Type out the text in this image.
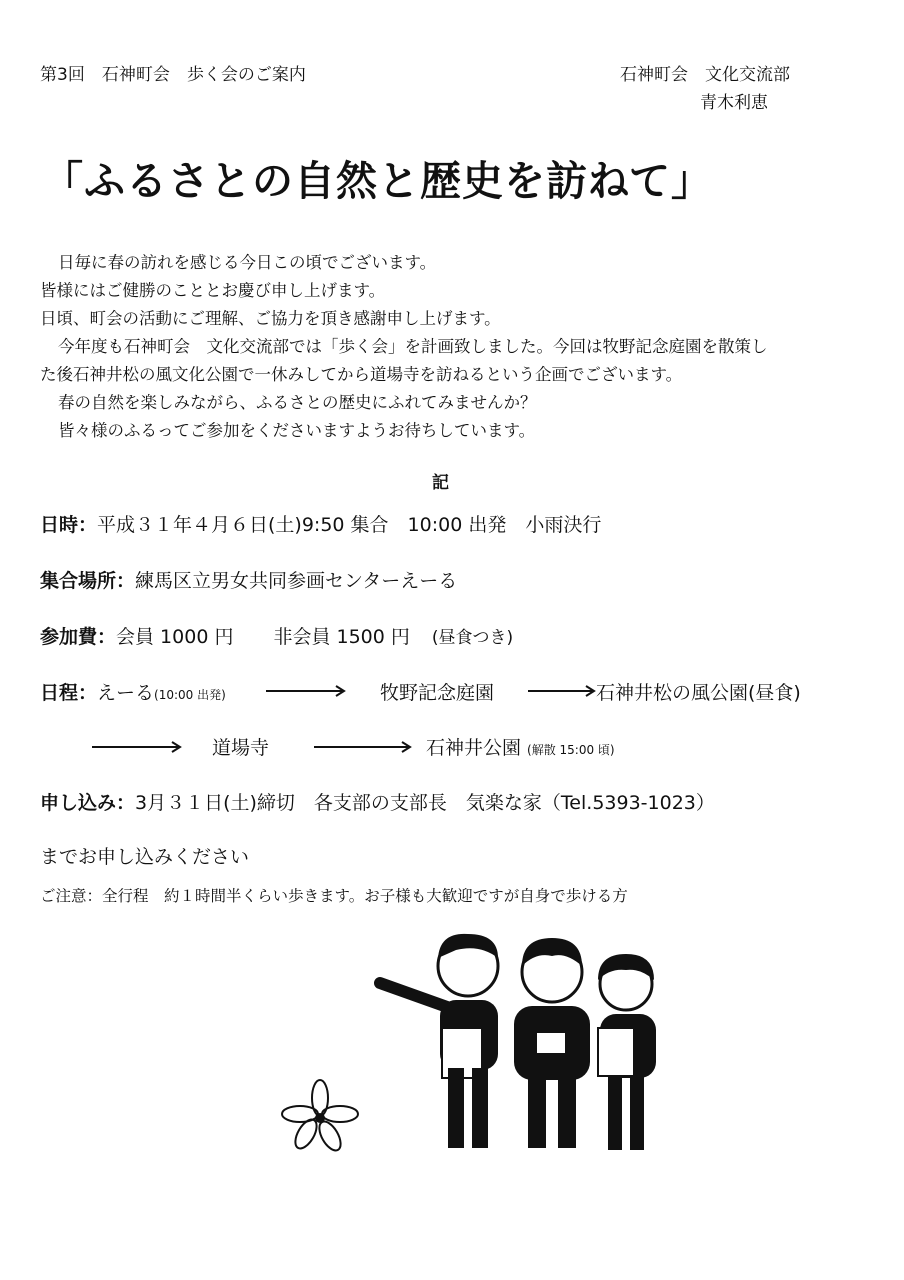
第3回　石神町会　歩く会のご案内	石神町会　文化交流部
青木利恵
「ふるさとの自然と歴史を訪ねて」
日毎に春の訪れを感じる今日この頃でございます。
皆様にはご健勝のこととお慶び申し上げます。
日頃、町会の活動にご理解、ご協力を頂き感謝申し上げます。
今年度も石神町会　文化交流部では「歩く会」を計画致しました。今回は牧野記念庭園を散策し
た後石神井松の風文化公園で一休みしてから道場寺を訪ねるという企画でございます。
春の自然を楽しみながら、ふるさとの歴史にふれてみませんか？
皆々様のふるってご参加をくださいますようお待ちしています。
記
日時：平成３１年４月６日(土)9:50 集合　10:00 出発　小雨決行
集合場所：練馬区立男女共同参画センターえーる
参加費：会員 1000 円 非会員 1500 円 (昼食つき)
日程：えーる(10:00 出発)	牧野記念庭園	石神井松の風公園(昼食)
道場寺	石神井公園 (解散 15:00 頃)
申し込み：3月３１日(土)締切　各支部の支部長　気楽な家（Tel.5393-1023）
までお申し込みください
ご注意：全行程　約１時間半くらい歩きます。お子様も大歓迎ですが自身で歩ける方
